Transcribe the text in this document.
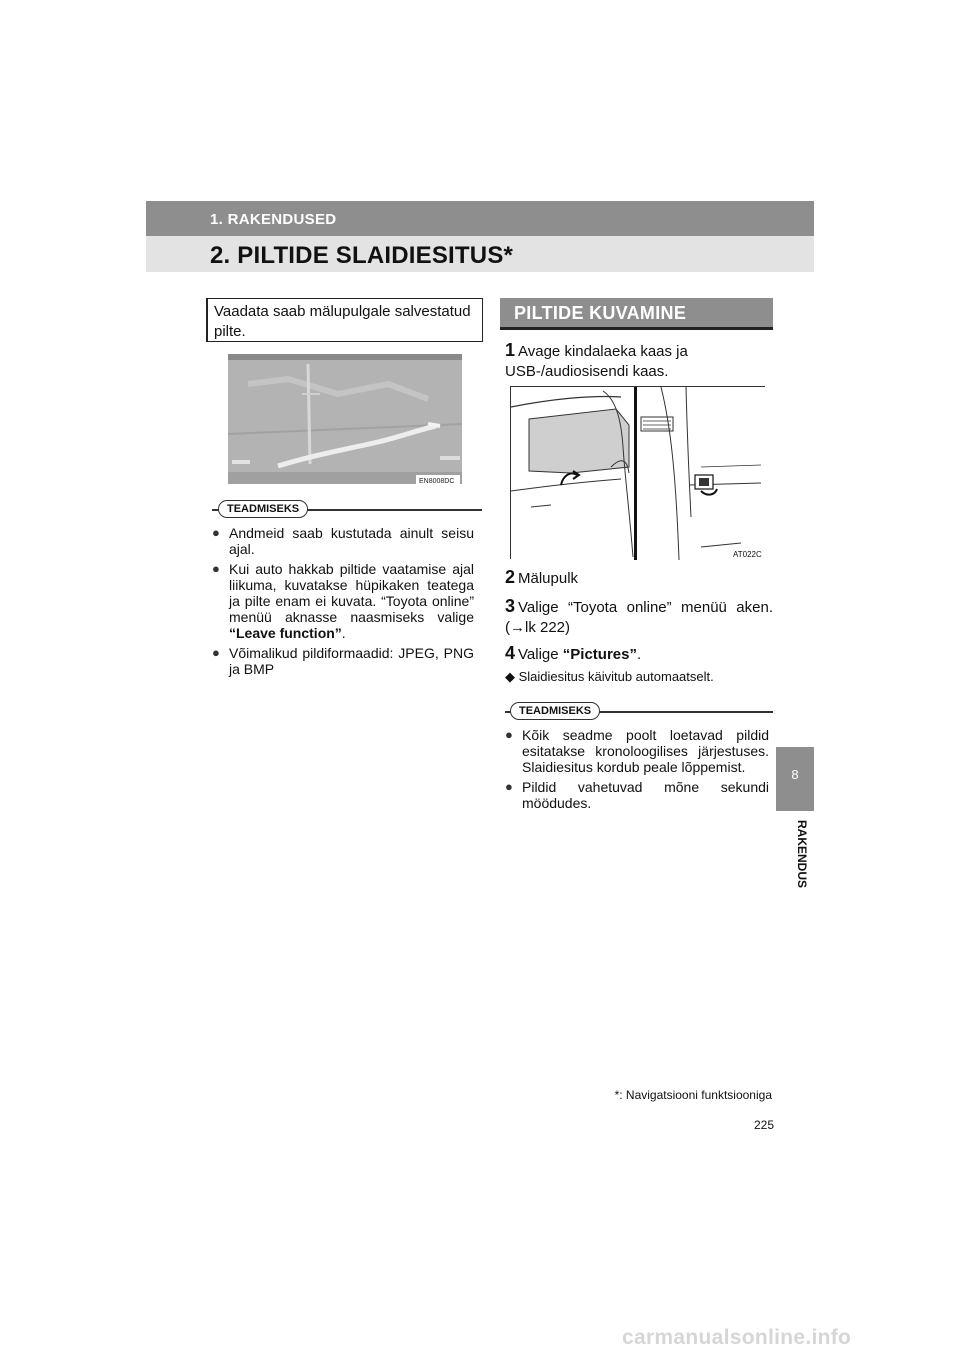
1. RAKENDUSED
2. PILTIDE SLAIDIESITUS*
Vaadata saab mälupulgale salvestatud pilte.
EN8008DC
TEADMISEKS
● Andmeid saab kustutada ainult seisu ajal.
● Kui auto hakkab piltide vaatamise ajal liikuma, kuvatakse hüpikaken teatega ja pilte enam ei kuvata. “Toyota online” menüü aknasse naasmiseks valige “Leave function”.
● Võimalikud pildiformaadid: JPEG, PNG ja BMP
PILTIDE KUVAMINE
1 Avage kindalaeka kaas ja USB-/audiosisendi kaas.
AT022C
2 Mälupulk
3 Valige “Toyota online” menüü aken. (→lk 222)
4 Valige “Pictures”.
◆ Slaidiesitus käivitub automaatselt.
TEADMISEKS
● Kõik seadme poolt loetavad pildid esitatakse kronoloogilises järjestuses. Slaidiesitus kordub peale lõppemist.
● Pildid vahetuvad mõne sekundi möödudes.
8
RAKENDUS
*: Navigatsiooni funktsiooniga
225
carmanualsonline.info
